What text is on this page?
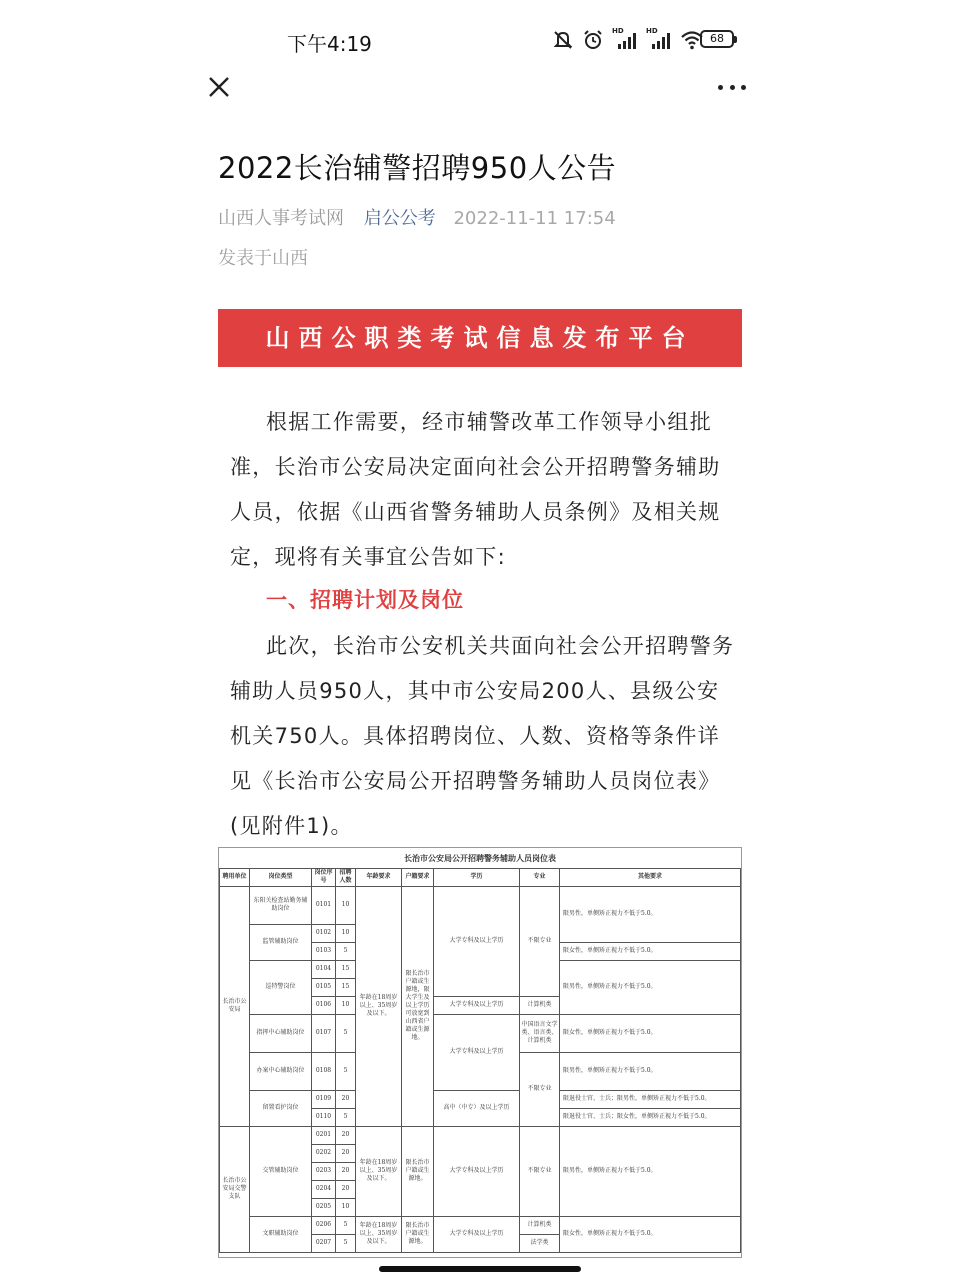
下午4:19
HD	HD
68
2022长治辅警招聘950人公告
山西人事考试网 启公公考 2022-11-11 17:54
发表于山西
山西公职类考试信息发布平台

根据工作需要，经市辅警改革工作领导小组批准，长治市公安局决定面向社会公开招聘警务辅助人员，依据《山西省警务辅助人员条例》及相关规定，现将有关事宜公告如下:

一、招聘计划及岗位

此次，长治市公安机关共面向社会公开招聘警务辅助人员950人，其中市公安局200人、县级公安机关750人。具体招聘岗位、人数、资格等条件详见《长治市公安局公开招聘警务辅助人员岗位表》(见附件1)。

长治市公安局公开招聘警务辅助人员岗位表								
聘用单位	岗位类型	岗位序号	招聘人数	年龄要求	户籍要求	学历	专业	其他要求
长治市公安局	东阳关检查站勤务辅助岗位	0101	10	年龄在18周岁以上、35周岁及以下。	限长治市户籍或生源地，限大学生及以上学历可放宽到山西省户籍或生源地。	大学专科及以上学历	不限专业	限男性，单侧矫正视力不低于5.0。
	监管辅助岗位	0102	10					
		0103	5					限女性，单侧矫正视力不低于5.0。
	巡特警岗位	0104	15					限男性，单侧矫正视力不低于5.0。
		0105	15					
		0106	10			大学专科及以上学历	计算机类	
	指挥中心辅助岗位	0107	5			大学专科及以上学历	中国语言文学类、语言类、计算机类	限女性，单侧矫正视力不低于5.0。
	办案中心辅助岗位	0108	5				不限专业	限男性，单侧矫正视力不低于5.0。
	留置看护岗位	0109	20			高中（中专）及以上学历		限退役士官、士兵；限男性，单侧矫正视力不低于5.0。
		0110	5					限退役士官、士兵；限女性，单侧矫正视力不低于5.0。
长治市公安局交警支队	交管辅助岗位	0201	20	年龄在18周岁以上、35周岁及以下。	限长治市户籍或生源地。	大学专科及以上学历	不限专业	限男性，单侧矫正视力不低于5.0。
		0202	20					
		0203	20					
		0204	20					
		0205	10					
	文职辅助岗位	0206	5	年龄在18周岁以上、35周岁及以下。	限长治市户籍或生源地。	大学专科及以上学历	计算机类	限女性，单侧矫正视力不低于5.0。
		0207	5				法学类	
